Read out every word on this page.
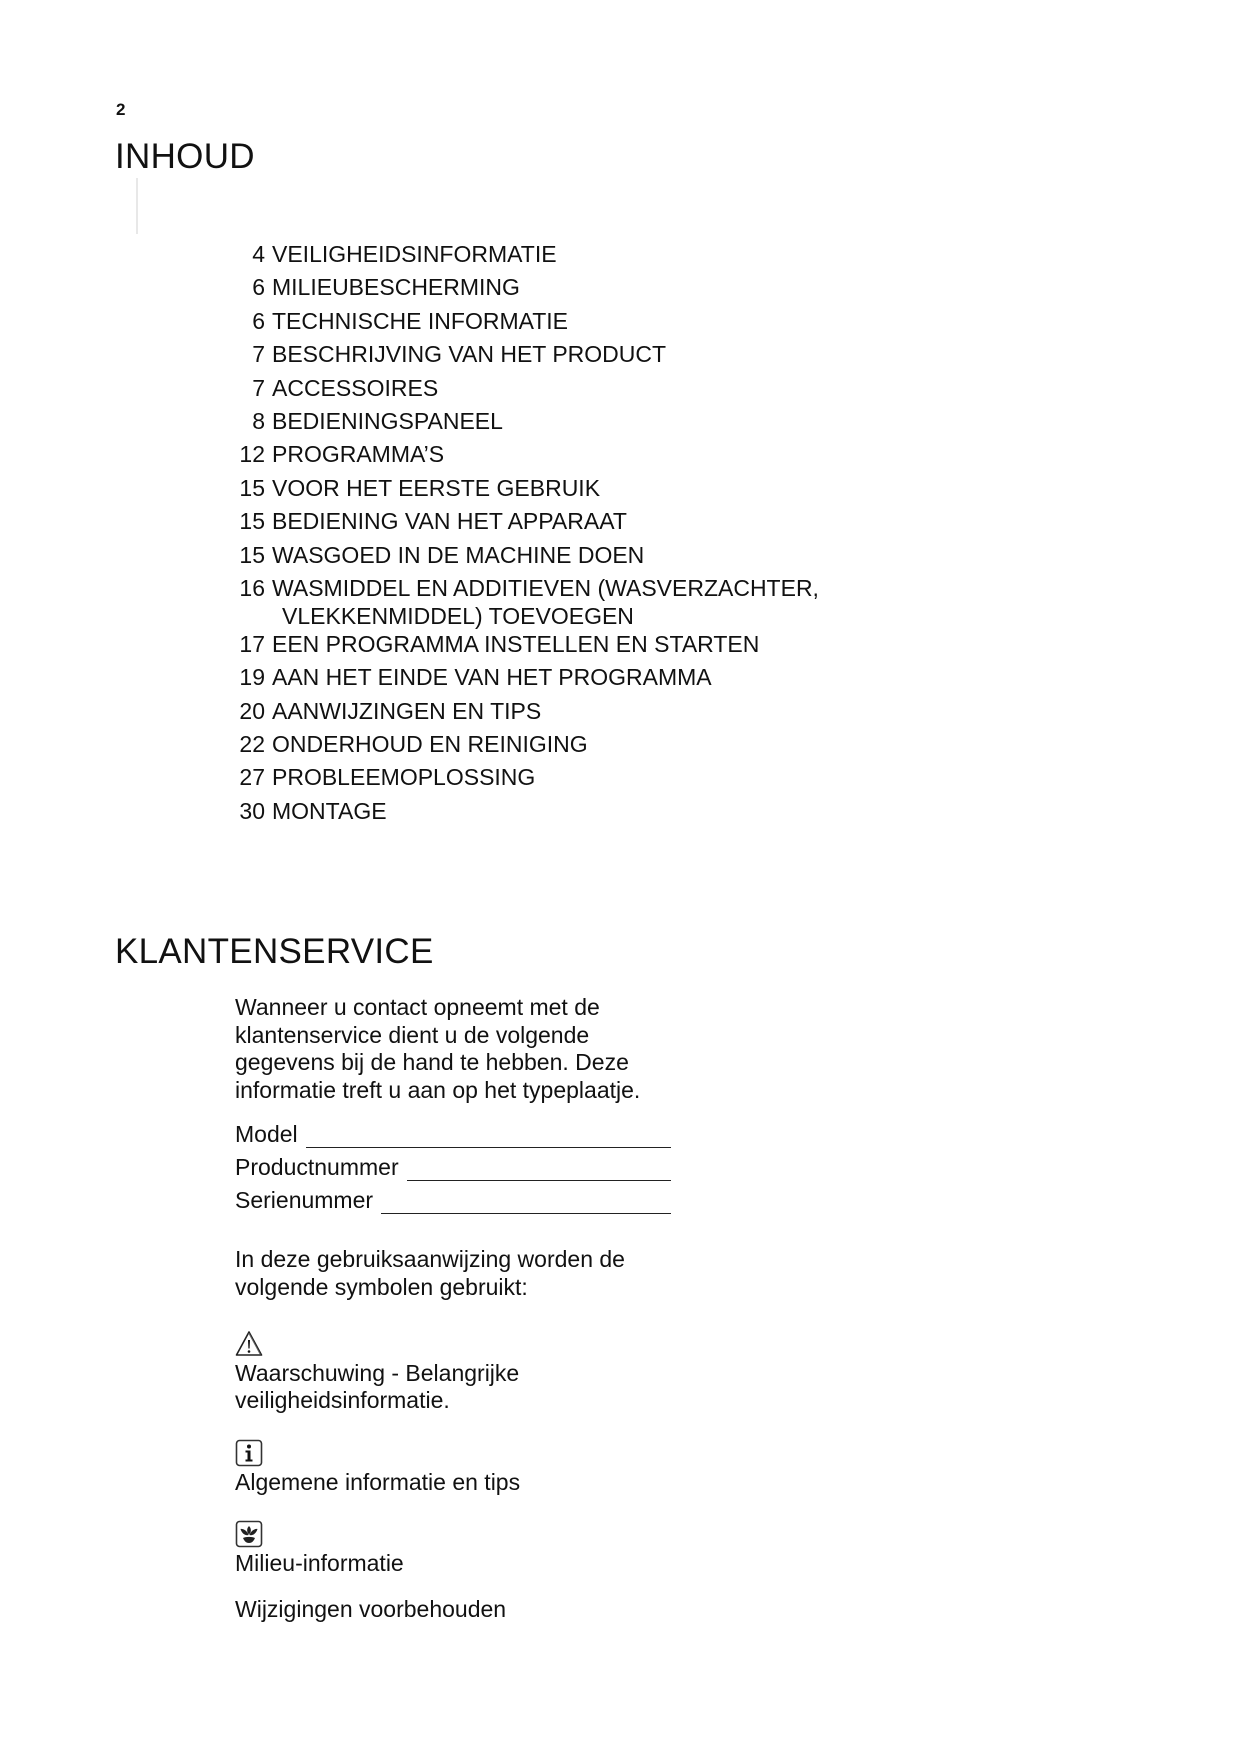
2
INHOUD
4 VEILIGHEIDSINFORMATIE
6 MILIEUBESCHERMING
6 TECHNISCHE INFORMATIE
7 BESCHRIJVING VAN HET PRODUCT
7 ACCESSOIRES
8 BEDIENINGSPANEEL
12 PROGRAMMA’S
15 VOOR HET EERSTE GEBRUIK
15 BEDIENING VAN HET APPARAAT
15 WASGOED IN DE MACHINE DOEN
16 WASMIDDEL EN ADDITIEVEN (WASVERZACHTER, VLEKKENMIDDEL) TOEVOEGEN
17 EEN PROGRAMMA INSTELLEN EN STARTEN
19 AAN HET EINDE VAN HET PROGRAMMA
20 AANWIJZINGEN EN TIPS
22 ONDERHOUD EN REINIGING
27 PROBLEEMOPLOSSING
30 MONTAGE
KLANTENSERVICE

Wanneer u contact opneemt met de klantenservice dient u de volgende gegevens bij de hand te hebben. Deze informatie treft u aan op het typeplaatje.

Model
Productnummer
Serienummer

In deze gebruiksaanwijzing worden de volgende symbolen gebruikt:

Waarschuwing - Belangrijke veiligheidsinformatie.

Algemene informatie en tips

Milieu-informatie

Wijzigingen voorbehouden
